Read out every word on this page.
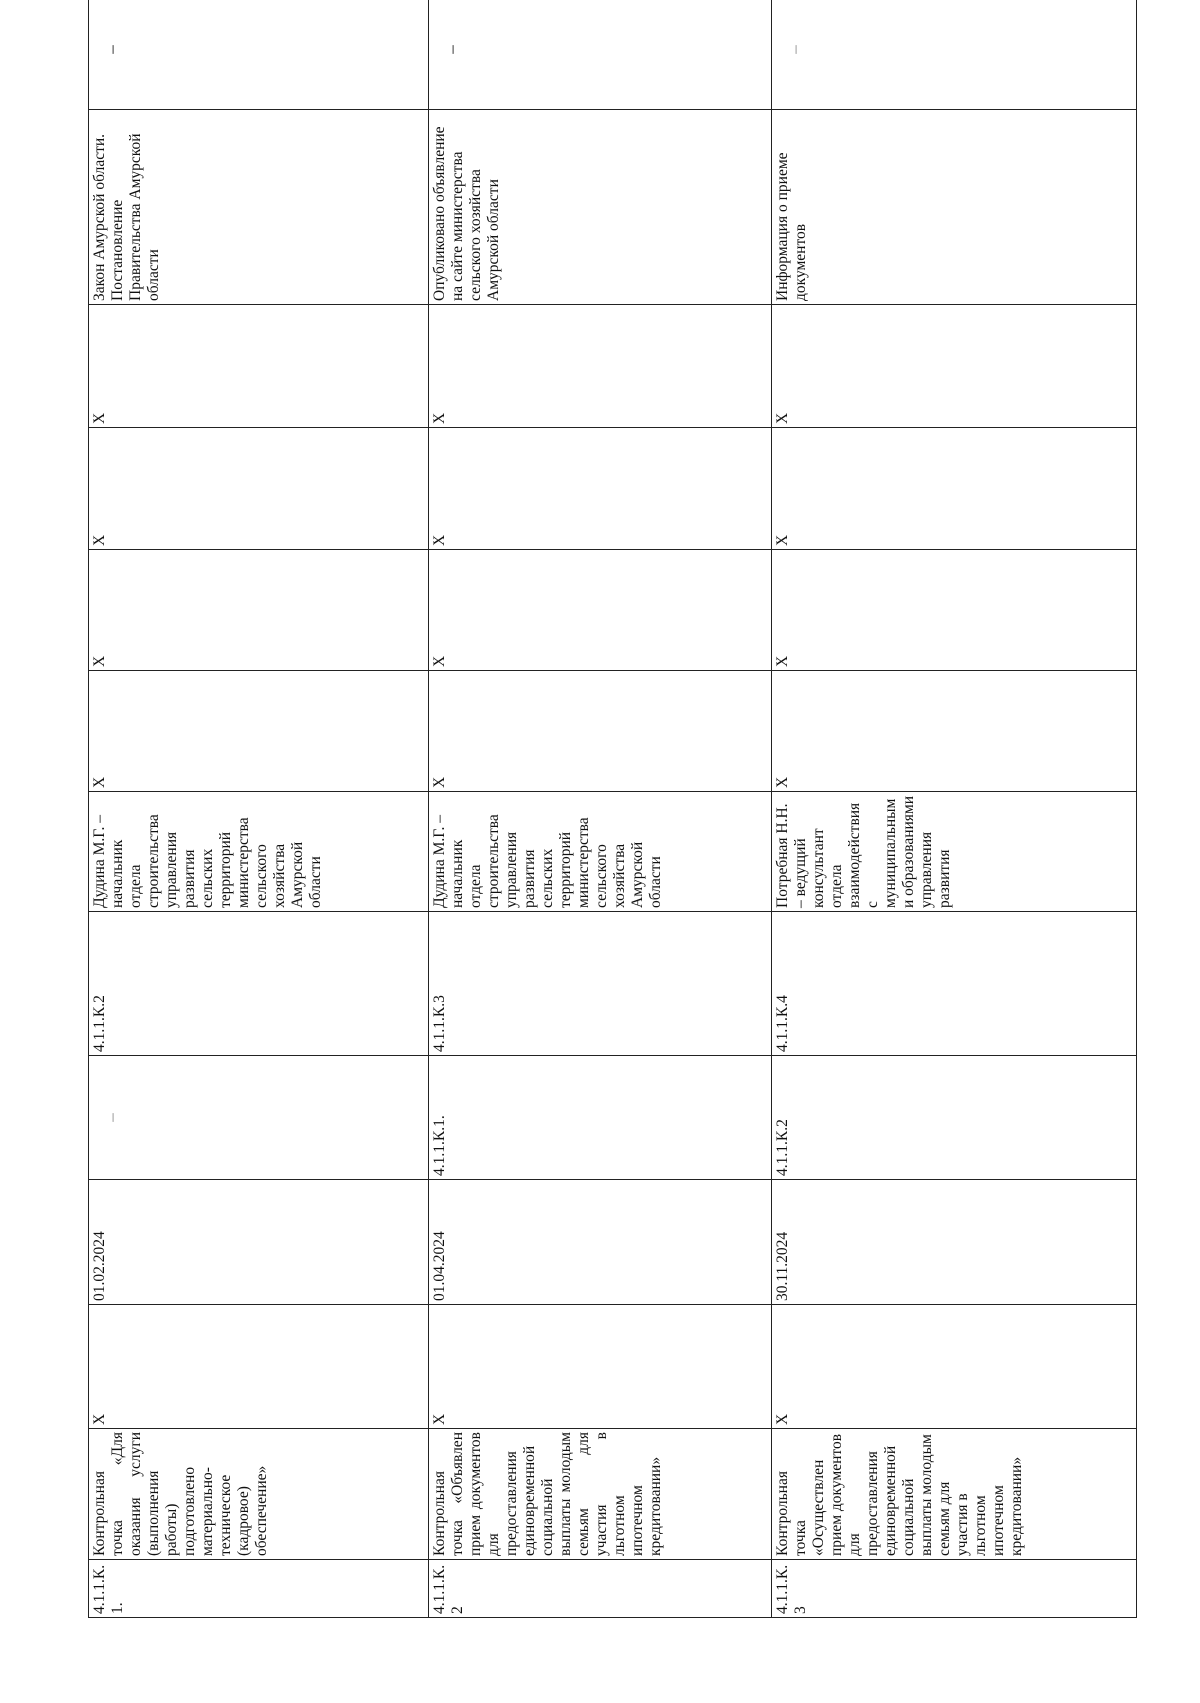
4.1.1.К.1.	Контрольная точка «Для оказания услуги (выполнения работы) подготовлено материально-техническое (кадровое) обеспечение»	Х	01.02.2024	–	4.1.1.К.2	Дудина М.Г. – начальник отдела строительства управления развития сельских территорий министерства сельского хозяйства Амурской области	Х	Х	Х	Х	Закон Амурской области. Постановление Правительства Амурской области	–
4.1.1.К.2	Контрольная точка «Объявлен прием документов для предоставления единовременной социальной выплаты молодым семьям для участия в льготном ипотечном кредитовании»	Х	01.04.2024	4.1.1.К.1.	4.1.1.К.3	Дудина М.Г. – начальник отдела строительства управления развития сельских территорий министерства сельского хозяйства Амурской области	Х	Х	Х	Х	Опубликовано объявление на сайте министерства сельского хозяйства Амурской области	–
4.1.1.К.3	Контрольная точка «Осуществлен прием документов для предоставления единовременной социальной выплаты молодым семьям для участия в льготном ипотечном кредитовании»	Х	30.11.2024	4.1.1.К.2	4.1.1.К.4	Потребная Н.Н. – ведущий консультант отдела взаимодействия с муниципальными образованиями управления развития	Х	Х	Х	Х	Информация о приеме документов	–
